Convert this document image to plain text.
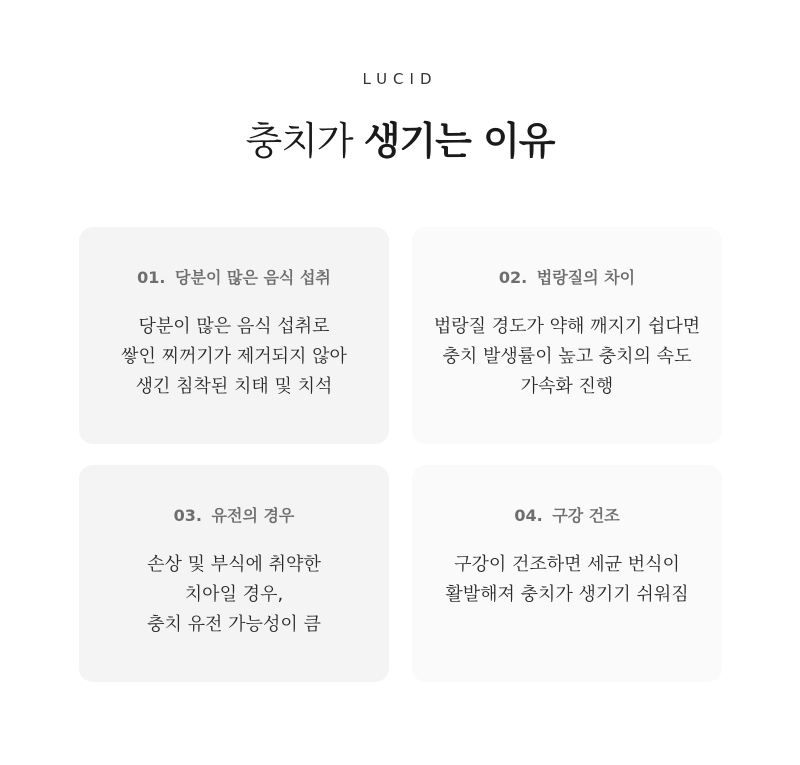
LUCID
충치가 생기는 이유
01. 당분이 많은 음식 섭취
당분이 많은 음식 섭취로
쌓인 찌꺼기가 제거되지 않아
생긴 침착된 치태 및 치석
02. 법랑질의 차이
법랑질 경도가 약해 깨지기 쉽다면
충치 발생률이 높고 충치의 속도
가속화 진행
03. 유전의 경우
손상 및 부식에 취약한
치아일 경우,
충치 유전 가능성이 큼
04. 구강 건조
구강이 건조하면 세균 번식이
활발해져 충치가 생기기 쉬워짐
